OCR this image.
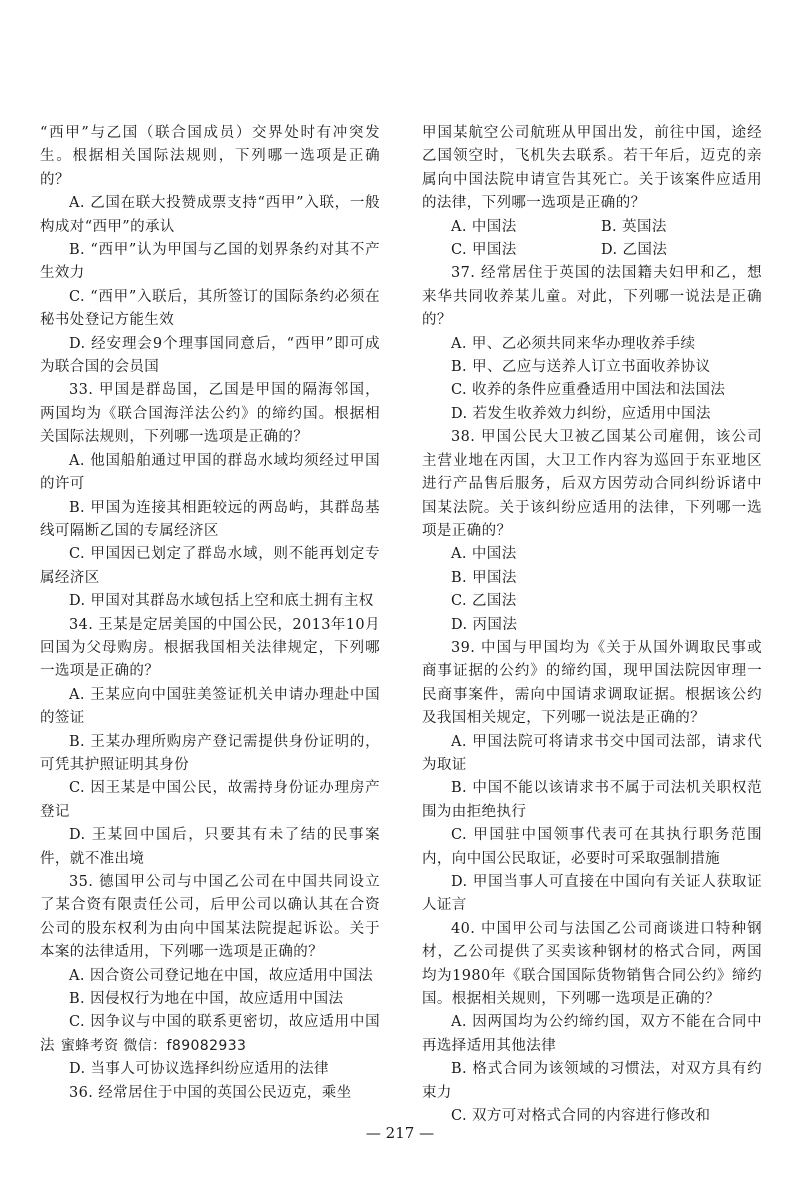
“西甲”与乙国（联合国成员）交界处时有冲突发生。根据相关国际法规则，下列哪一选项是正确的？

A. 乙国在联大投赞成票支持“西甲”入联，一般构成对“西甲”的承认

B. “西甲”认为甲国与乙国的划界条约对其不产生效力

C. “西甲”入联后，其所签订的国际条约必须在秘书处登记方能生效

D. 经安理会9个理事国同意后，“西甲”即可成为联合国的会员国

33. 甲国是群岛国，乙国是甲国的隔海邻国，两国均为《联合国海洋法公约》的缔约国。根据相关国际法规则，下列哪一选项是正确的？

A. 他国船舶通过甲国的群岛水域均须经过甲国的许可

B. 甲国为连接其相距较远的两岛屿，其群岛基线可隔断乙国的专属经济区

C. 甲国因已划定了群岛水域，则不能再划定专属经济区

D. 甲国对其群岛水域包括上空和底土拥有主权

34. 王某是定居美国的中国公民，2013年10月回国为父母购房。根据我国相关法律规定，下列哪一选项是正确的？

A. 王某应向中国驻美签证机关申请办理赴中国的签证

B. 王某办理所购房产登记需提供身份证明的，可凭其护照证明其身份

C. 因王某是中国公民，故需持身份证办理房产登记

D. 王某回中国后，只要其有未了结的民事案件，就不准出境

35. 德国甲公司与中国乙公司在中国共同设立了某合资有限责任公司，后甲公司以确认其在合资公司的股东权利为由向中国某法院提起诉讼。关于本案的法律适用，下列哪一选项是正确的？

A. 因合资公司登记地在中国，故应适用中国法

B. 因侵权行为地在中国，故应适用中国法

C. 因争议与中国的联系更密切，故应适用中国法 蜜蜂考资 微信：f89082933

D. 当事人可协议选择纠纷应适用的法律

36. 经常居住于中国的英国公民迈克，乘坐

甲国某航空公司航班从甲国出发，前往中国，途经乙国领空时，飞机失去联系。若干年后，迈克的亲属向中国法院申请宣告其死亡。关于该案件应适用的法律，下列哪一选项是正确的？

A. 中国法	B. 英国法
C. 甲国法	D. 乙国法

37. 经常居住于英国的法国籍夫妇甲和乙，想来华共同收养某儿童。对此，下列哪一说法是正确的？

A. 甲、乙必须共同来华办理收养手续

B. 甲、乙应与送养人订立书面收养协议

C. 收养的条件应重叠适用中国法和法国法

D. 若发生收养效力纠纷，应适用中国法

38. 甲国公民大卫被乙国某公司雇佣，该公司主营业地在丙国，大卫工作内容为巡回于东亚地区进行产品售后服务，后双方因劳动合同纠纷诉诸中国某法院。关于该纠纷应适用的法律，下列哪一选项是正确的？

A. 中国法

B. 甲国法

C. 乙国法

D. 丙国法

39. 中国与甲国均为《关于从国外调取民事或商事证据的公约》的缔约国，现甲国法院因审理一民商事案件，需向中国请求调取证据。根据该公约及我国相关规定，下列哪一说法是正确的？

A. 甲国法院可将请求书交中国司法部，请求代为取证

B. 中国不能以该请求书不属于司法机关职权范围为由拒绝执行

C. 甲国驻中国领事代表可在其执行职务范围内，向中国公民取证，必要时可采取强制措施

D. 甲国当事人可直接在中国向有关证人获取证人证言

40. 中国甲公司与法国乙公司商谈进口特种钢材，乙公司提供了买卖该种钢材的格式合同，两国均为1980年《联合国国际货物销售合同公约》缔约国。根据相关规则，下列哪一选项是正确的？

A. 因两国均为公约缔约国，双方不能在合同中再选择适用其他法律

B. 格式合同为该领域的习惯法，对双方具有约束力

C. 双方可对格式合同的内容进行修改和

— 217 —
